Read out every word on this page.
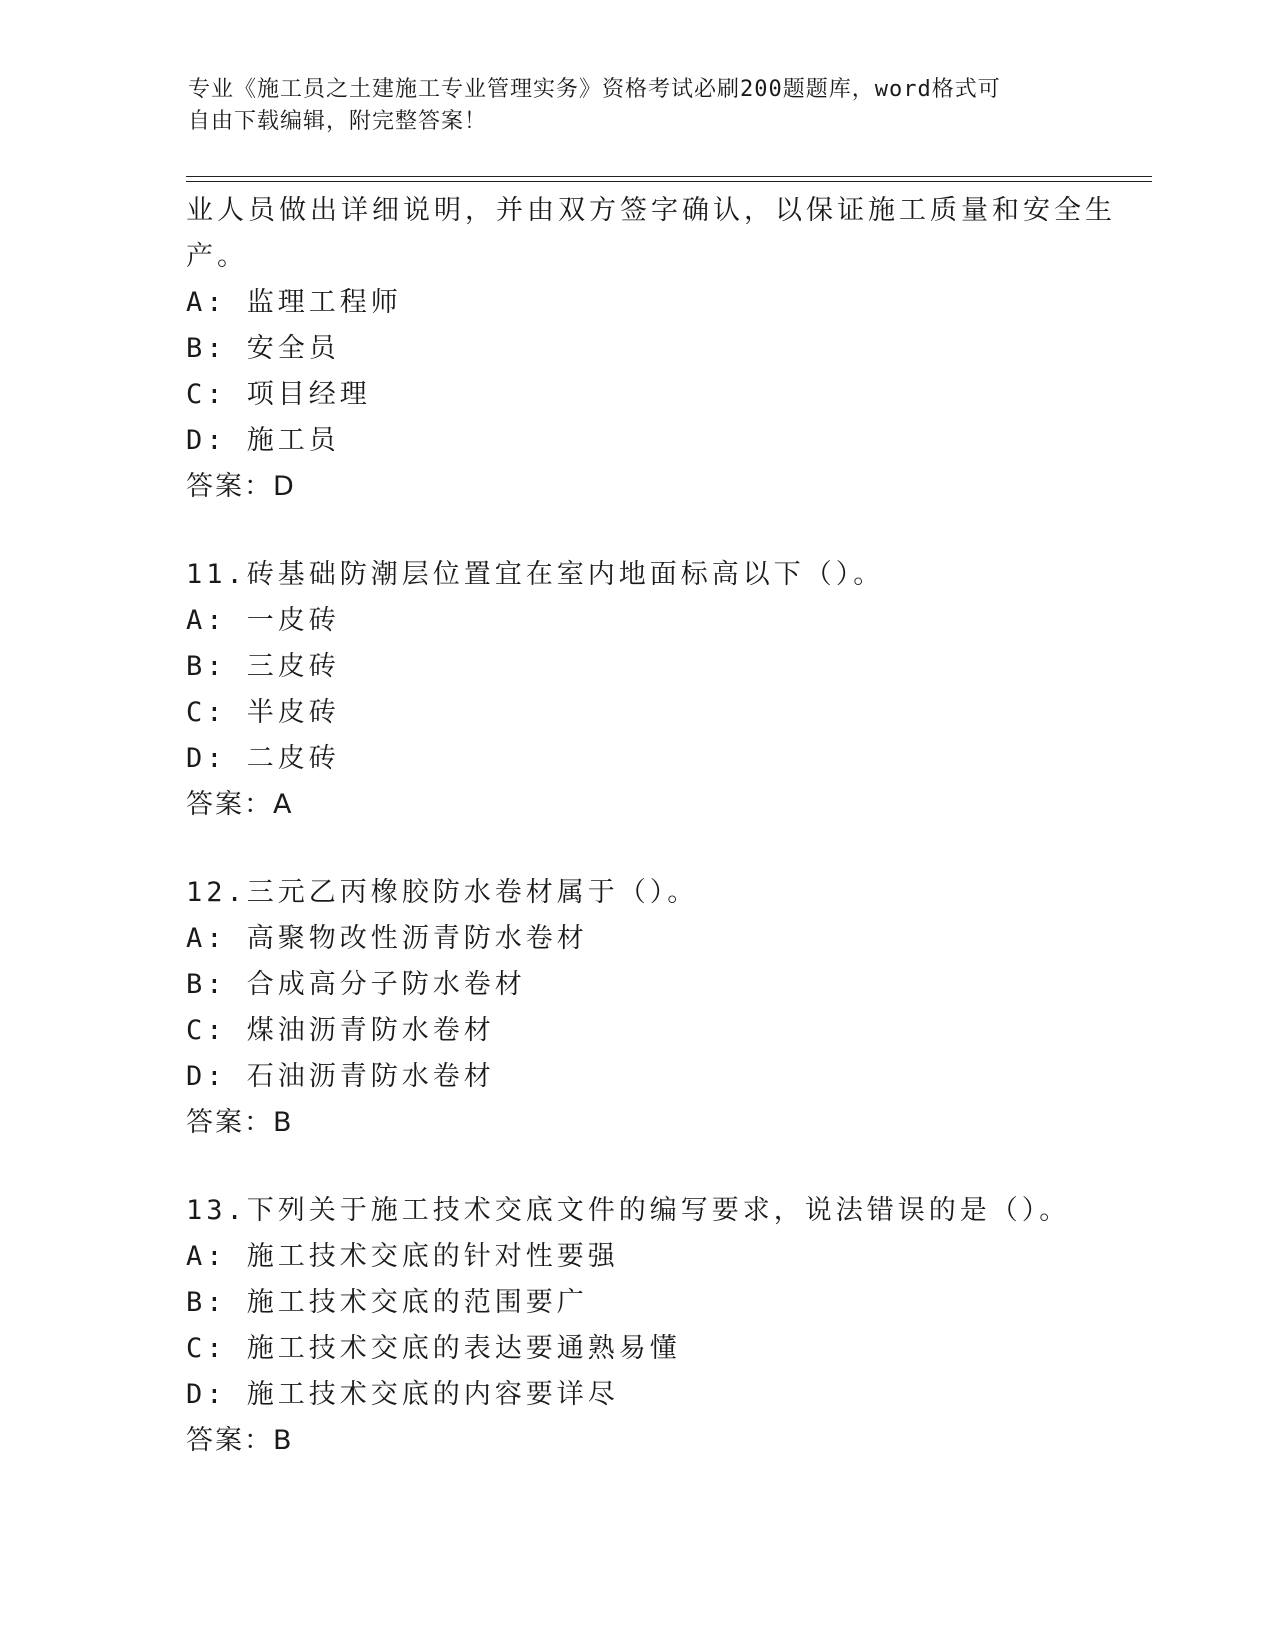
专业《施工员之土建施工专业管理实务》资格考试必刷200题题库，word格式可
自由下载编辑，附完整答案！
业人员做出详细说明，并由双方签字确认，以保证施工质量和安全生
产。
A: 监理工程师
B: 安全员
C: 项目经理
D: 施工员
答案：D
11.砖基础防潮层位置宜在室内地面标高以下（）。
A: 一皮砖
B: 三皮砖
C: 半皮砖
D: 二皮砖
答案：A
12.三元乙丙橡胶防水卷材属于（）。
A: 高聚物改性沥青防水卷材
B: 合成高分子防水卷材
C: 煤油沥青防水卷材
D: 石油沥青防水卷材
答案：B
13.下列关于施工技术交底文件的编写要求，说法错误的是（）。
A: 施工技术交底的针对性要强
B: 施工技术交底的范围要广
C: 施工技术交底的表达要通熟易懂
D: 施工技术交底的内容要详尽
答案：B
